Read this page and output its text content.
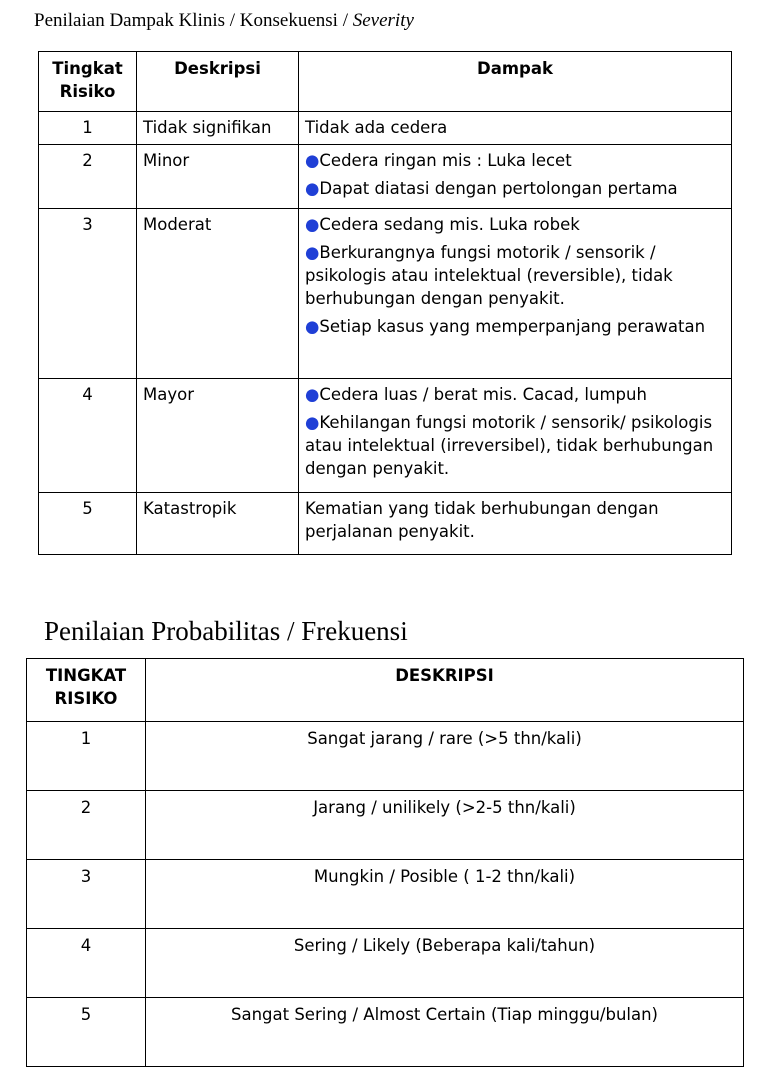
Penilaian Dampak Klinis / Konsekuensi / Severity
Tingkat
Risiko	Deskripsi	Dampak
1	Tidak signifikan	Tidak ada cedera

2	Minor	●Cedera ringan mis : Luka lecet
●Dapat diatasi dengan pertolongan pertama

3	Moderat	●Cedera sedang mis. Luka robek
●Berkurangnya fungsi motorik / sensorik / psikologis atau intelektual (reversible), tidak berhubungan dengan penyakit.
●Setiap kasus yang memperpanjang perawatan

4	Mayor	●Cedera luas / berat mis. Cacad, lumpuh
●Kehilangan fungsi motorik / sensorik/ psikologis atau intelektual (irreversibel), tidak berhubungan dengan penyakit.

5	Katastropik	Kematian yang tidak berhubungan dengan perjalanan penyakit.
Penilaian Probabilitas / Frekuensi
TINGKAT
RISIKO	DESKRIPSI
1	Sangat jarang / rare (>5 thn/kali)
2	Jarang / unilikely (>2-5 thn/kali)
3	Mungkin / Posible ( 1-2 thn/kali)
4	Sering / Likely (Beberapa kali/tahun)
5	Sangat Sering / Almost Certain (Tiap minggu/bulan)
